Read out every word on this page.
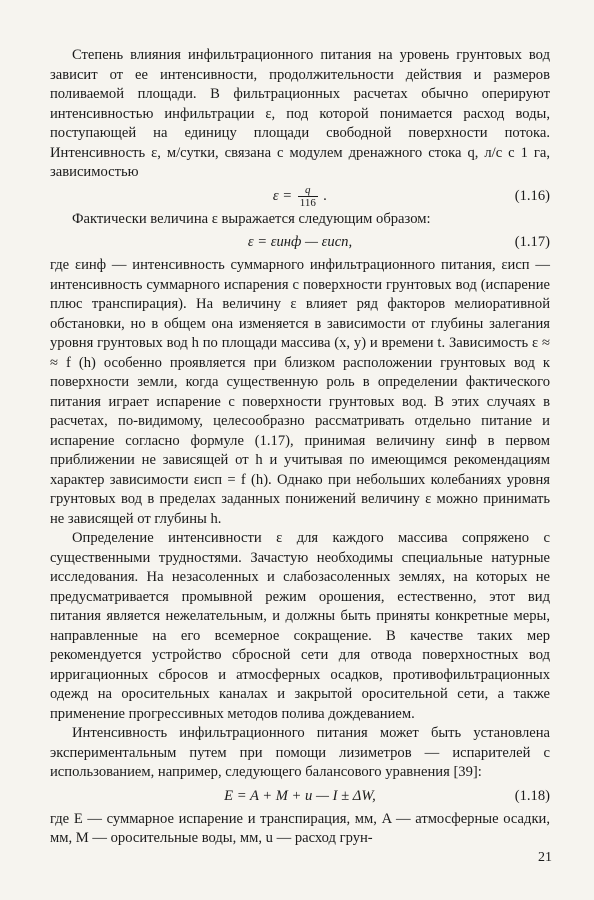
Степень влияния инфильтрационного питания на уровень грунтовых вод зависит от ее интенсивности, продолжительности действия и размеров поливаемой площади. В фильтрационных расчетах обычно оперируют интенсивностью инфильтрации ε, под которой понимается расход воды, поступающей на единицу площади свободной поверхности потока. Интенсивность ε, м/сутки, связана с модулем дренажного стока q, л/с с 1 га, зависимостью

$\varepsilon = \frac{q}{116}$ .	(1.16)

Фактически величина ε выражается следующим образом:

ε = εинф — εисп,	(1.17)

где εинф — интенсивность суммарного инфильтрационного питания, εисп — интенсивность суммарного испарения с поверхности грунтовых вод (испарение плюс транспирация). На величину ε влияет ряд факторов мелиоративной обстановки, но в общем она изменяется в зависимости от глубины залегания уровня грунтовых вод h по площади массива (x, y) и времени t. Зависимость ε ≈ ≈ f (h) особенно проявляется при близком расположении грунтовых вод к поверхности земли, когда существенную роль в определении фактического питания играет испарение с поверхности грунтовых вод. В этих случаях в расчетах, по-видимому, целесообразно рассматривать отдельно питание и испарение согласно формуле (1.17), принимая величину εинф в первом приближении не зависящей от h и учитывая по имеющимся рекомендациям характер зависимости εисп = f (h). Однако при небольших колебаниях уровня грунтовых вод в пределах заданных понижений величину ε можно принимать не зависящей от глубины h.

Определение интенсивности ε для каждого массива сопряжено с существенными трудностями. Зачастую необходимы специальные натурные исследования. На незасоленных и слабозасоленных землях, на которых не предусматривается промывной режим орошения, естественно, этот вид питания является нежелательным, и должны быть приняты конкретные меры, направленные на его всемерное сокращение. В качестве таких мер рекомендуется устройство сбросной сети для отвода поверхностных вод ирригационных сбросов и атмосферных осадков, противофильтрационных одежд на оросительных каналах и закрытой оросительной сети, а также применение прогрессивных методов полива дождеванием.

Интенсивность инфильтрационного питания может быть установлена экспериментальным путем при помощи лизиметров — испарителей с использованием, например, следующего балансового уравнения [39]:

E = A + M + u — I ± ΔW,	(1.18)

где E — суммарное испарение и транспирация, мм, A — атмосферные осадки, мм, M — оросительные воды, мм, u — расход грун-

21
